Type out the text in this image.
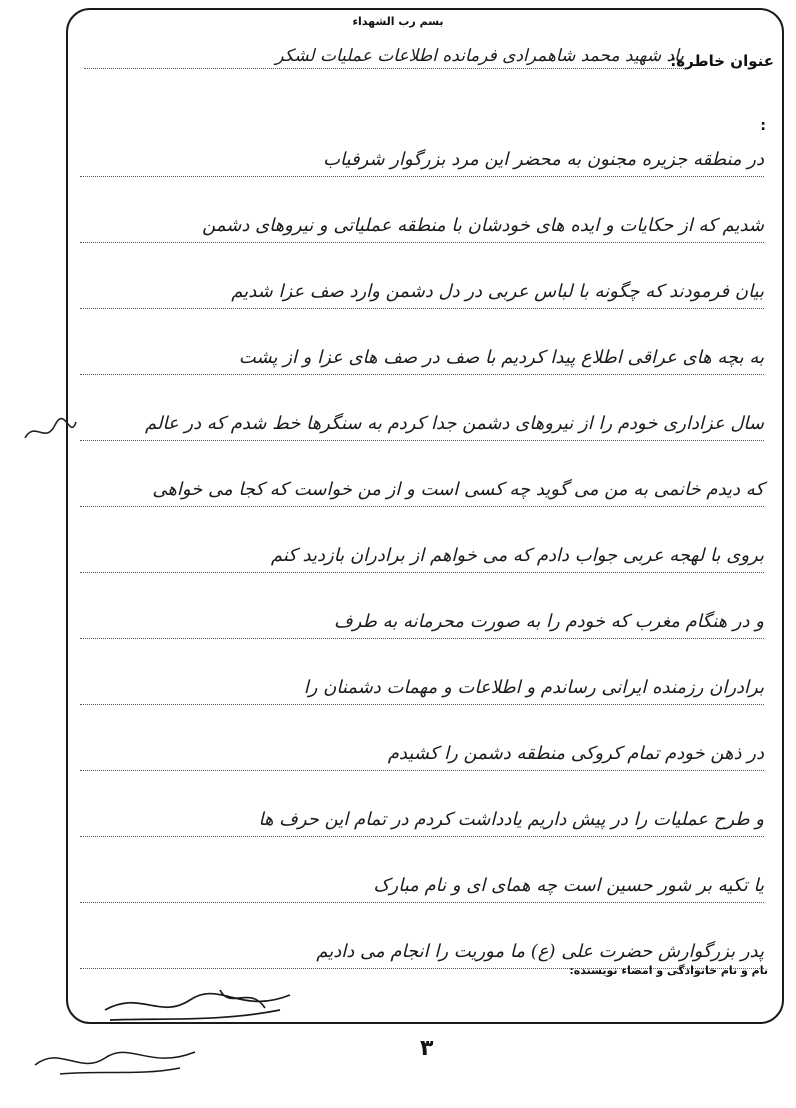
بسم رب الشهداء
عنوان خاطره:
یاد شهید محمد شاهمرادی فرمانده اطلاعات عملیات لشکر
:
در منطقه جزیره مجنون به محضر این مرد بزرگوار شرفیاب
شدیم که از حکایات و ایده های خودشان با منطقه عملیاتی و نیروهای دشمن
بیان فرمودند که چگونه با لباس عربی در دل دشمن وارد صف عزا شدیم
به بچه های عراقی اطلاع پیدا کردیم با صف در صف های عزا و از پشت
سال عزاداری خودم را از نیروهای دشمن جدا کردم به سنگرها خط شدم که در عالم
که دیدم خانمی به من می گوید چه کسی است و از من خواست که کجا می خواهی
بروی با لهجه عربی جواب دادم که می خواهم از برادران بازدید کنم
و در هنگام مغرب که خودم را به صورت محرمانه به طرف
برادران رزمنده ایرانی رساندم و اطلاعات و مهمات دشمنان را
در ذهن خودم تمام کروکی منطقه دشمن را کشیدم
و طرح عملیات را در پیش داریم یادداشت کردم در تمام این حرف ها
یا تکیه بر شور حسین است چه همای ای و نام مبارک
پدر بزرگوارش حضرت علی (ع) ما موریت را انجام می دادیم
نام و نام خانوادگی و امضاء نویسنده:
۳
